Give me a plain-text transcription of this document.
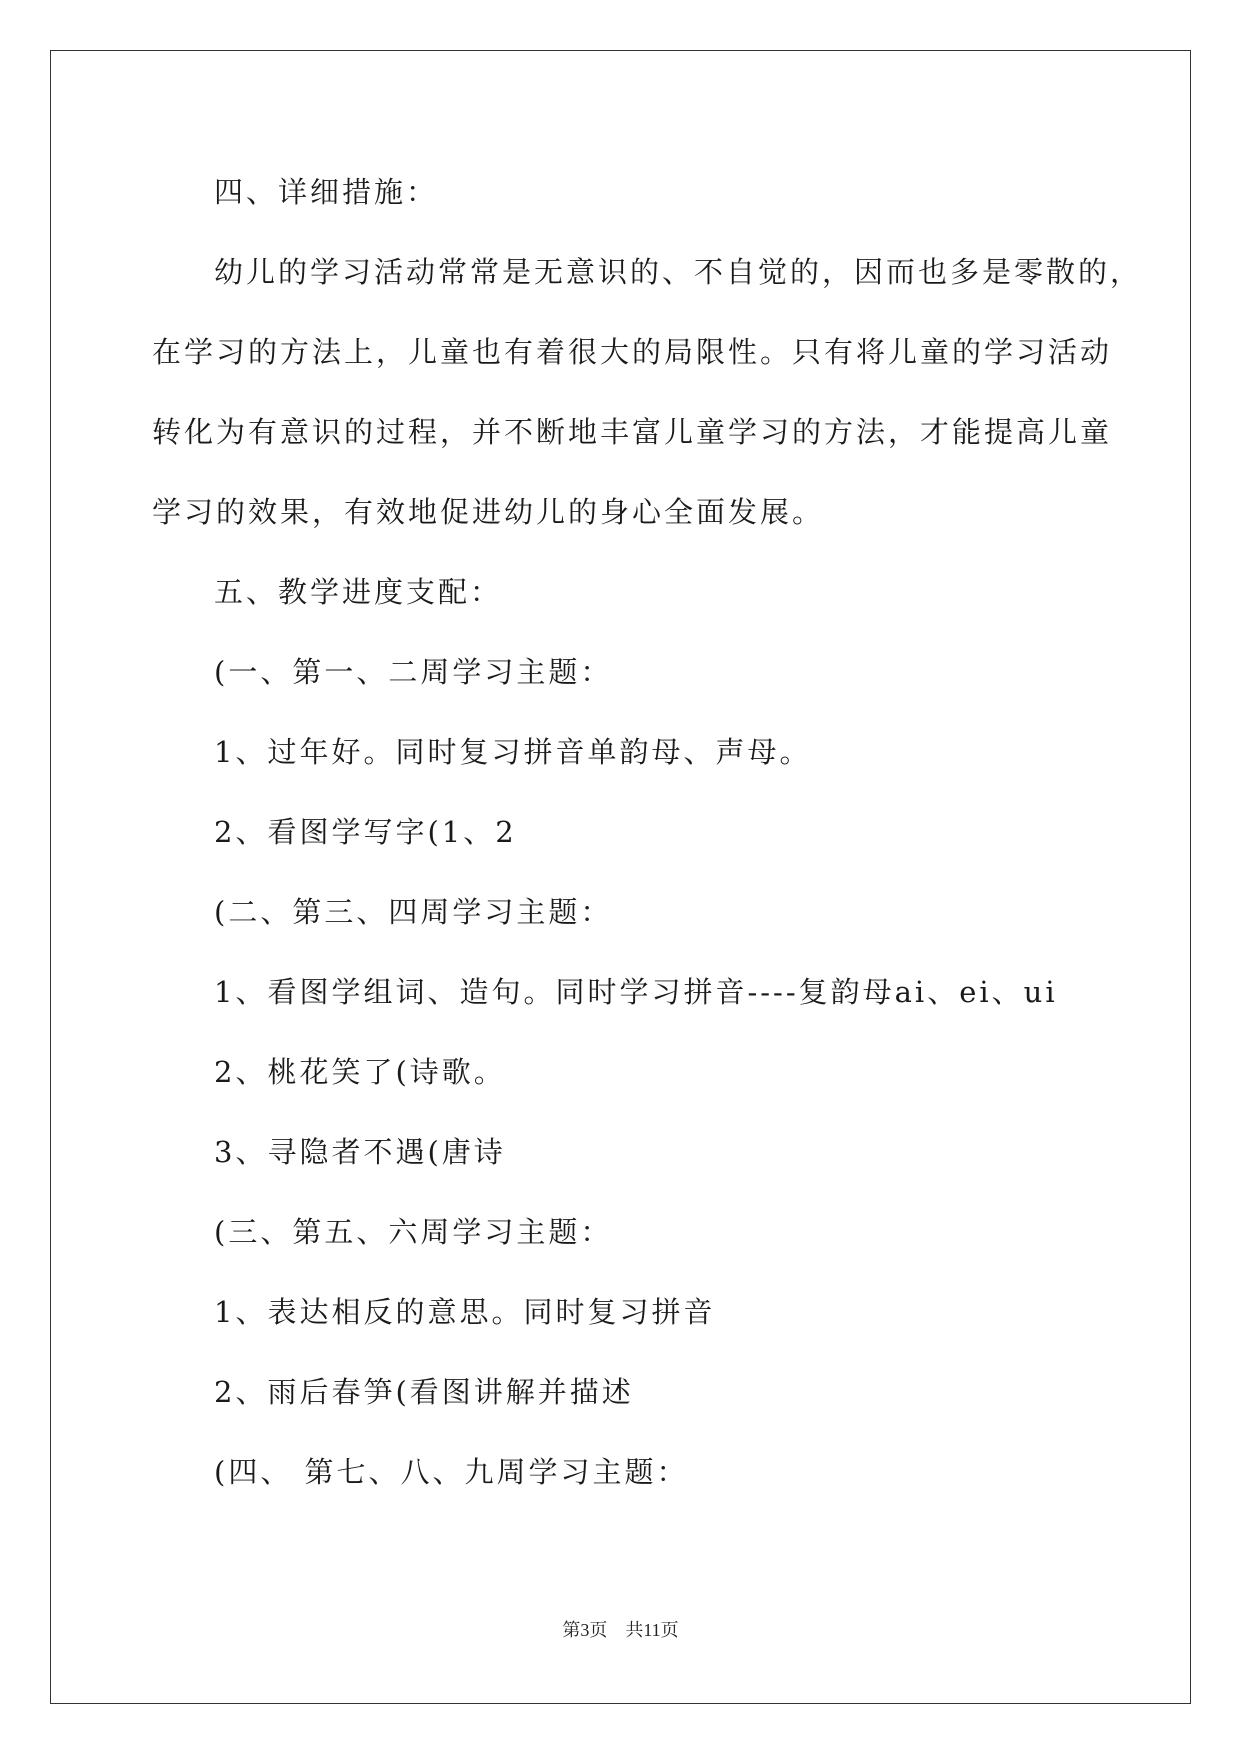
四、详细措施：
幼儿的学习活动常常是无意识的、不自觉的，因而也多是零散的，
在学习的方法上，儿童也有着很大的局限性。只有将儿童的学习活动
转化为有意识的过程，并不断地丰富儿童学习的方法，才能提高儿童
学习的效果，有效地促进幼儿的身心全面发展。
五、教学进度支配：
(一、第一、二周学习主题：
1、过年好。同时复习拼音单韵母、声母。
2、看图学写字(1、2
(二、第三、四周学习主题：
1、看图学组词、造句。同时学习拼音----复韵母ai、ei、ui
2、桃花笑了(诗歌。
3、寻隐者不遇(唐诗
(三、第五、六周学习主题：
1、表达相反的意思。同时复习拼音
2、雨后春笋(看图讲解并描述
(四、 第七、八、九周学习主题：
第3页　共11页
